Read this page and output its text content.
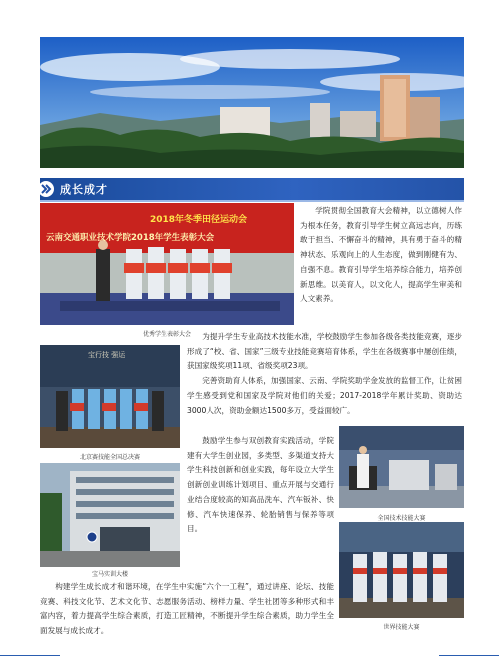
成长成才
2018年冬季田径运动会
云南交通职业技术学院2018年学生表彰大会
优秀学生表彰大会

学院贯彻全国教育大会精神，以立德树人作为根本任务，教育引导学生树立高远志向，历练敢于担当、不懈奋斗的精神，具有勇于奋斗的精神状态、乐观向上的人生态度，做到刚健有为、自强不息。教育引导学生培养综合能力，培养创新思维。以美育人，以文化人，提高学生审美和人文素养。

宝行技 强运
北京赛技能全国总决赛

为提升学生专业高技术技能水准，学校鼓励学生参加各级各类技能竞赛，逐步形成了“校、省、国家”三级专业技能竞赛培育体系，学生在各级赛事中屡创佳绩，获国家级奖项11项、省级奖项23项。

完善资助育人体系，加强国家、云南、学院奖助学金发放的监督工作，让贫困学生感受到党和国家及学院对他们的关爱；2017-2018学年累计奖助、资助达3000人次，资助金额达1500多万，受益面较广。

宝马实训大楼

鼓励学生参与双创教育实践活动，学院建有大学生创业园，多类型、多渠道支持大学生科技创新和创业实践，每年设立大学生创新创业训练计划项目、重点开展与交通行业结合度较高的知高品洗车、汽车钣补、快修、汽车快速保养、轮胎销售与保养等项目。

全国技术技能大赛
世界技能大赛

构建学生成长成才和谐环境，在学生中实施“六个一工程”，通过讲座、论坛、技能竞赛、科技文化节、艺术文化节、志愿服务活动、榜样力量、学生社团等多种形式和丰富内容，着力提高学生综合素质，打造工匠精神，不断提升学生综合素质，助力学生全面发展与成长成才。
